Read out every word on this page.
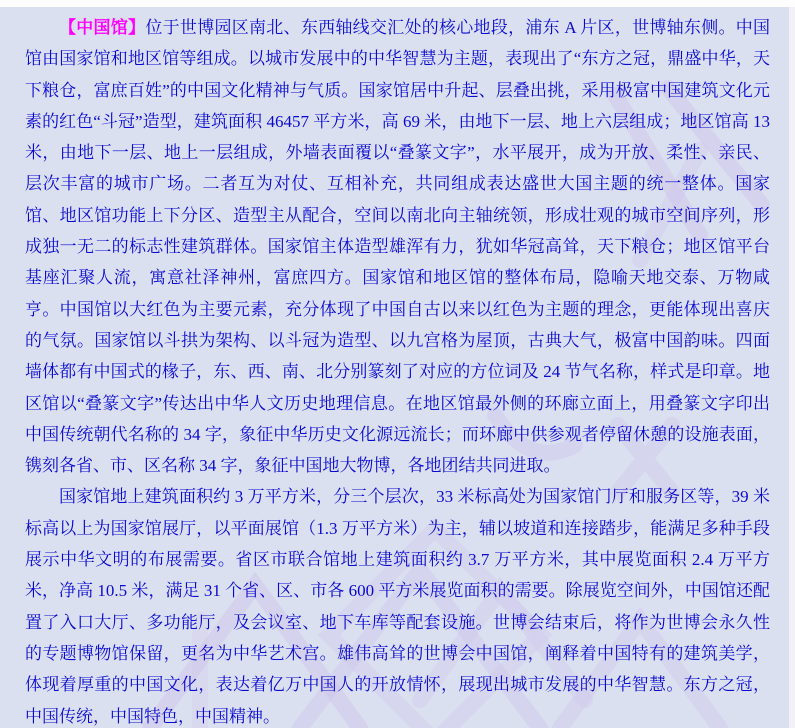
【中国馆】位于世博园区南北、东西轴线交汇处的核心地段，浦东 A 片区，世博轴东侧。中国馆由国家馆和地区馆等组成。以城市发展中的中华智慧为主题，表现出了“东方之冠，鼎盛中华，天下粮仓，富庶百姓”的中国文化精神与气质。国家馆居中升起、层叠出挑，采用极富中国建筑文化元素的红色“斗冠”造型，建筑面积 46457 平方米，高 69 米，由地下一层、地上六层组成；地区馆高 13 米，由地下一层、地上一层组成，外墙表面覆以“叠篆文字”，水平展开，成为开放、柔性、亲民、层次丰富的城市广场。二者互为对仗、互相补充，共同组成表达盛世大国主题的统一整体。国家馆、地区馆功能上下分区、造型主从配合，空间以南北向主轴统领，形成壮观的城市空间序列，形成独一无二的标志性建筑群体。国家馆主体造型雄浑有力，犹如华冠高耸，天下粮仓；地区馆平台基座汇聚人流，寓意社泽神州，富庶四方。国家馆和地区馆的整体布局，隐喻天地交泰、万物咸亨。中国馆以大红色为主要元素，充分体现了中国自古以来以红色为主题的理念，更能体现出喜庆的气氛。国家馆以斗拱为架构、以斗冠为造型、以九宫格为屋顶，古典大气，极富中国韵味。四面墙体都有中国式的椽子，东、西、南、北分别篆刻了对应的方位词及 24 节气名称，样式是印章。地区馆以“叠篆文字”传达出中华人文历史地理信息。在地区馆最外侧的环廊立面上，用叠篆文字印出中国传统朝代名称的 34 字，象征中华历史文化源远流长；而环廊中供参观者停留休憩的设施表面，镌刻各省、市、区名称 34 字，象征中国地大物博，各地团结共同进取。

国家馆地上建筑面积约 3 万平方米，分三个层次，33 米标高处为国家馆门厅和服务区等，39 米标高以上为国家馆展厅，以平面展馆（1.3 万平方米）为主，辅以坡道和连接踏步，能满足多种手段展示中华文明的布展需要。省区市联合馆地上建筑面积约 3.7 万平方米，其中展览面积 2.4 万平方米，净高 10.5 米，满足 31 个省、区、市各 600 平方米展览面积的需要。除展览空间外，中国馆还配置了入口大厅、多功能厅，及会议室、地下车库等配套设施。世博会结束后，将作为世博会永久性的专题博物馆保留，更名为中华艺术宫。雄伟高耸的世博会中国馆，阐释着中国特有的建筑美学，体现着厚重的中国文化，表达着亿万中国人的开放情怀，展现出城市发展的中华智慧。东方之冠，中国传统，中国特色，中国精神。
